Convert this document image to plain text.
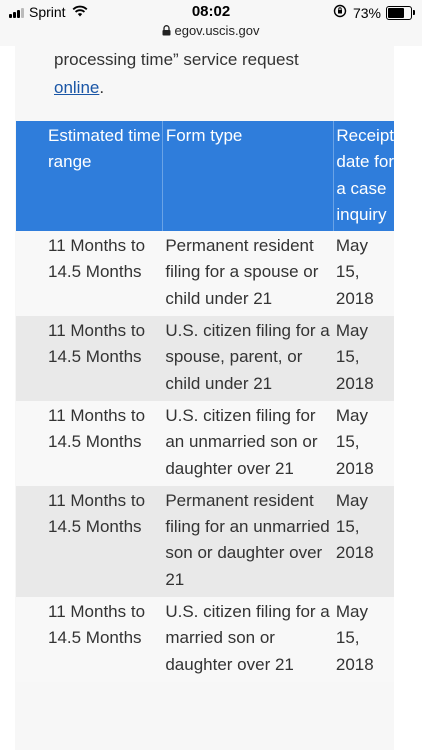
Sprint	08:02
egov.uscis.gov
73%

processing time” service request
online.

Estimated time range	Form type	Receipt date for a case inquiry
11 Months to 14.5 Months	Permanent resident filing for a spouse or child under 21	May 15, 2018
11 Months to 14.5 Months	U.S. citizen filing for a spouse, parent, or child under 21	May 15, 2018
11 Months to 14.5 Months	U.S. citizen filing for an unmarried son or daughter over 21	May 15, 2018
11 Months to 14.5 Months	Permanent resident filing for an unmarried son or daughter over 21	May 15, 2018
11 Months to 14.5 Months	U.S. citizen filing for a married son or daughter over 21	May 15, 2018
